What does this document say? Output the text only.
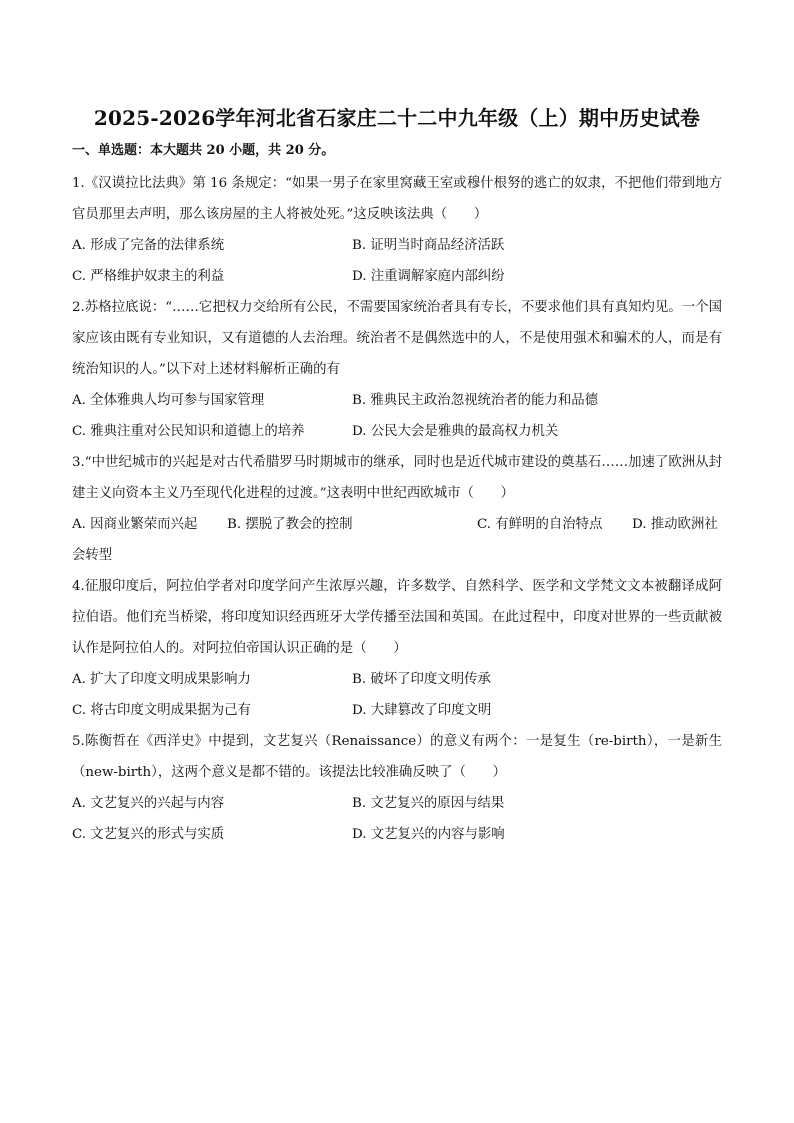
2025-2026学年河北省石家庄二十二中九年级（上）期中历史试卷
一、单选题：本大题共 20 小题，共 20 分。

1.《汉谟拉比法典》第 16 条规定：“如果一男子在家里窝藏王室或穆什根努的逃亡的奴隶，不把他们带到地方官员那里去声明，那么该房屋的主人将被处死。”这反映该法典（　　）

A. 形成了完备的法律系统	B. 证明当时商品经济活跃
C. 严格维护奴隶主的利益	D. 注重调解家庭内部纠纷

2.苏格拉底说：“……它把权力交给所有公民，不需要国家统治者具有专长，不要求他们具有真知灼见。一个国家应该由既有专业知识，又有道德的人去治理。统治者不是偶然选中的人，不是使用强术和骗术的人，而是有统治知识的人。”以下对上述材料解析正确的有

A. 全体雅典人均可参与国家管理	B. 雅典民主政治忽视统治者的能力和品德
C. 雅典注重对公民知识和道德上的培养	D. 公民大会是雅典的最高权力机关

3.“中世纪城市的兴起是对古代希腊罗马时期城市的继承，同时也是近代城市建设的奠基石……加速了欧洲从封建主义向资本主义乃至现代化进程的过渡。”这表明中世纪西欧城市（　　）

A. 因商业繁荣而兴起	B. 摆脱了教会的控制	C. 有鲜明的自治特点	D. 推动欧洲社
会转型

4.征服印度后，阿拉伯学者对印度学问产生浓厚兴趣，许多数学、自然科学、医学和文学梵文文本被翻译成阿拉伯语。他们充当桥梁，将印度知识经西班牙大学传播至法国和英国。在此过程中，印度对世界的一些贡献被认作是阿拉伯人的。对阿拉伯帝国认识正确的是（　　）

A. 扩大了印度文明成果影响力	B. 破坏了印度文明传承
C. 将古印度文明成果据为己有	D. 大肆篡改了印度文明

5.陈衡哲在《西洋史》中提到，文艺复兴（Renaissance）的意义有两个：一是复生（re-birth），一是新生（new-birth），这两个意义是都不错的。该提法比较准确反映了（　　）

A. 文艺复兴的兴起与内容	B. 文艺复兴的原因与结果
C. 文艺复兴的形式与实质	D. 文艺复兴的内容与影响
